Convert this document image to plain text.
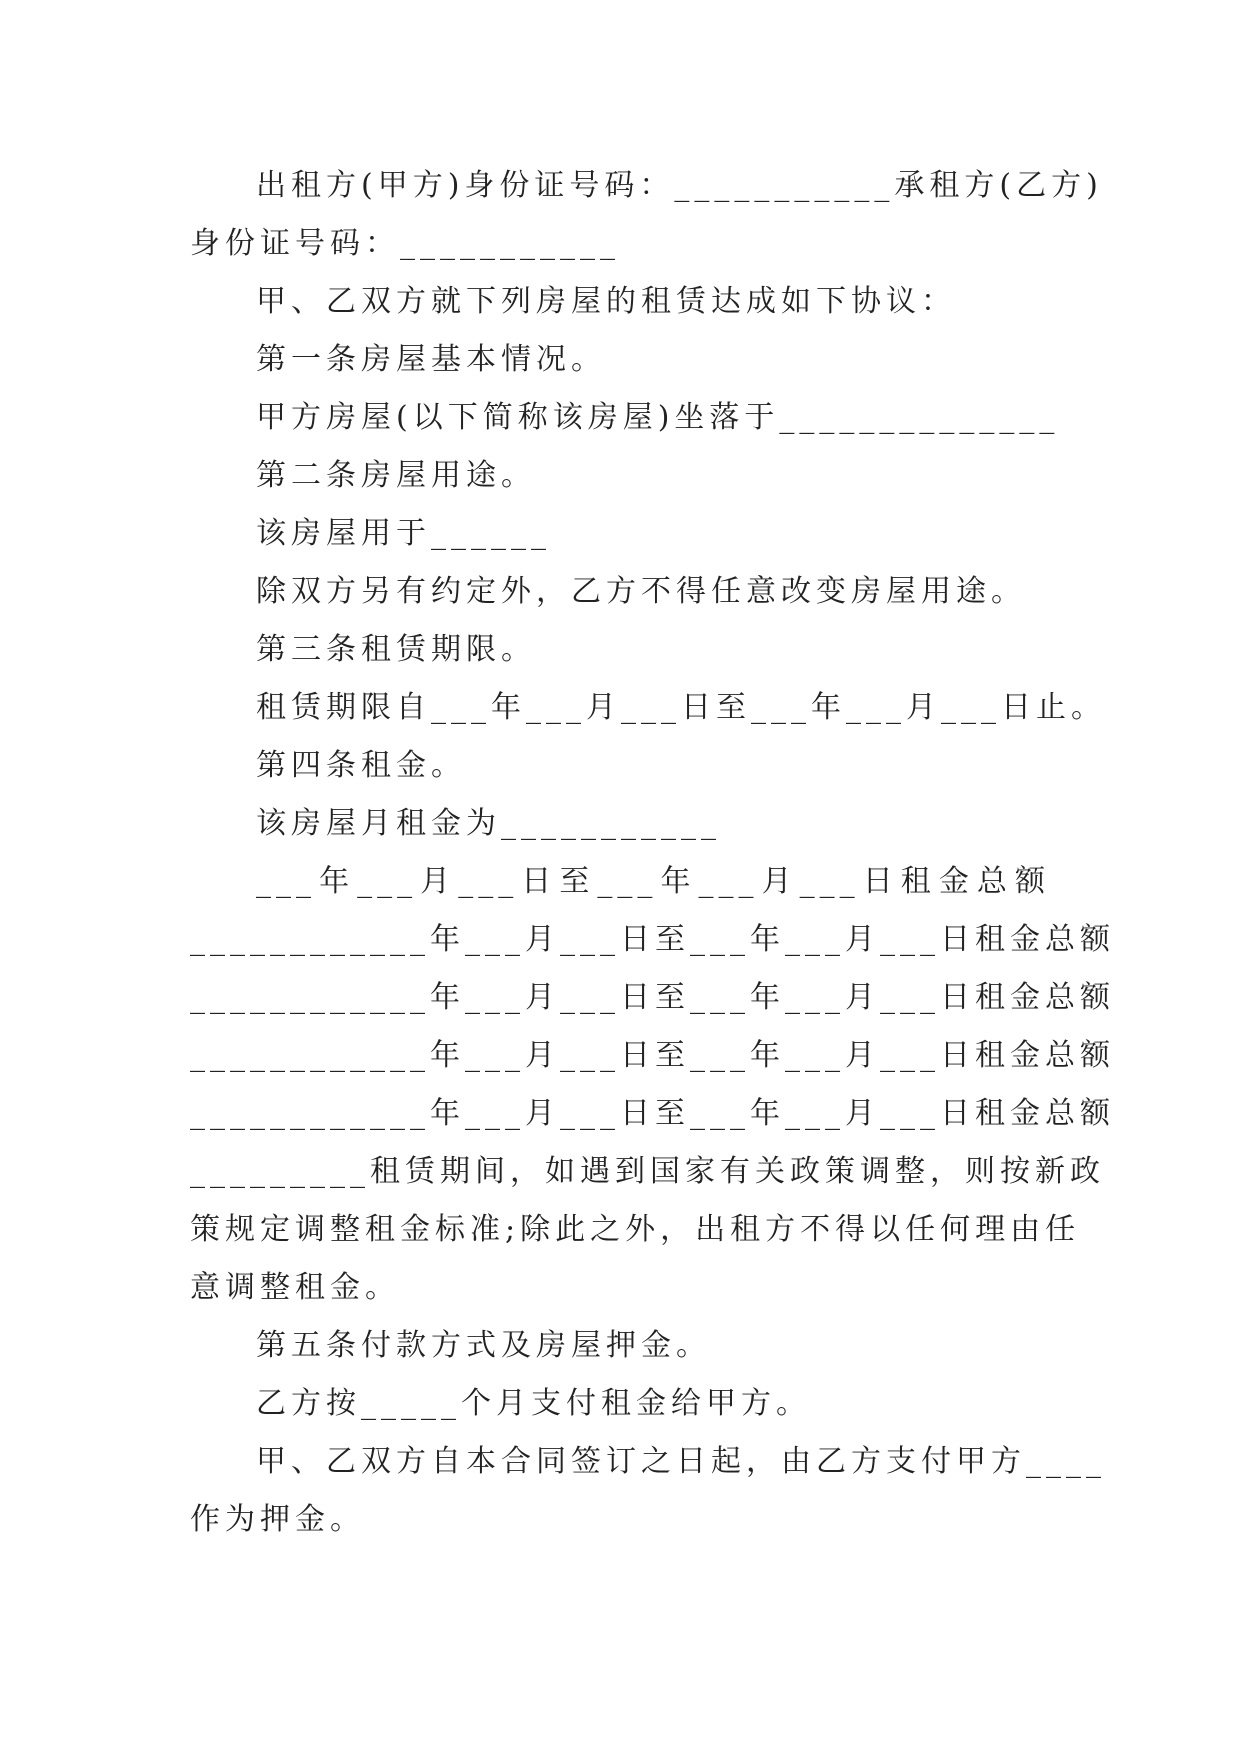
出租方(甲方)身份证号码：___________承租方(乙方)
身份证号码：___________
甲、乙双方就下列房屋的租赁达成如下协议：
第一条房屋基本情况。
甲方房屋(以下简称该房屋)坐落于______________
第二条房屋用途。
该房屋用于______
除双方另有约定外，乙方不得任意改变房屋用途。
第三条租赁期限。
租赁期限自___年___月___日至___年___月___日止。
第四条租金。
该房屋月租金为___________
___年___月___日至___年___月___日租金总额
____________年___月___日至___年___月___日租金总额
____________年___月___日至___年___月___日租金总额
____________年___月___日至___年___月___日租金总额
____________年___月___日至___年___月___日租金总额
_________租赁期间，如遇到国家有关政策调整，则按新政
策规定调整租金标准;除此之外，出租方不得以任何理由任
意调整租金。
第五条付款方式及房屋押金。
乙方按_____个月支付租金给甲方。
甲、乙双方自本合同签订之日起，由乙方支付甲方____
作为押金。
